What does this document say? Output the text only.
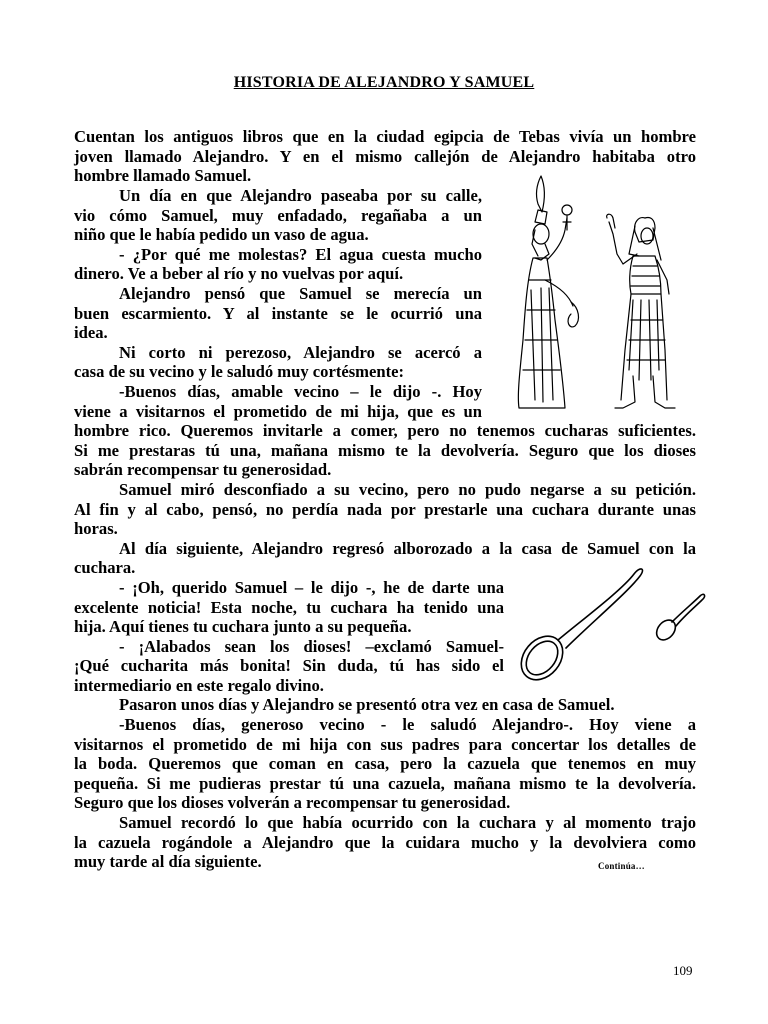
HISTORIA DE ALEJANDRO Y SAMUEL
Cuentan los antiguos libros que en la ciudad egipcia de Tebas vivía un hombre
joven llamado Alejandro. Y en el mismo callejón de Alejandro habitaba otro
hombre llamado Samuel.
Un día en que Alejandro paseaba por su calle,
vio cómo Samuel, muy enfadado, regañaba a un
niño que le había pedido un vaso de agua.
- ¿Por qué me molestas? El agua cuesta mucho
dinero. Ve a beber al río y no vuelvas por aquí.
Alejandro pensó que Samuel se merecía un
buen escarmiento. Y al instante se le ocurrió una
idea.
Ni corto ni perezoso, Alejandro se acercó a
casa de su vecino y le saludó muy cortésmente:
-Buenos días, amable vecino – le dijo -. Hoy
viene a visitarnos el prometido de mi hija, que es un
hombre rico. Queremos invitarle a comer, pero no tenemos cucharas suficientes.
Si me prestaras tú una, mañana mismo te la devolvería. Seguro que los dioses
sabrán recompensar tu generosidad.
Samuel miró desconfiado a su vecino, pero no pudo negarse a su petición.
Al fin y al cabo, pensó, no perdía nada por prestarle una cuchara durante unas
horas.
Al día siguiente, Alejandro regresó alborozado a la casa de Samuel con la
cuchara.
- ¡Oh, querido Samuel – le dijo -, he de darte una
excelente noticia! Esta noche, tu cuchara ha tenido una
hija. Aquí tienes tu cuchara junto a su pequeña.
- ¡Alabados sean los dioses! –exclamó Samuel-
¡Qué cucharita más bonita! Sin duda, tú has sido el
intermediario en este regalo divino.
Pasaron unos días y Alejandro se presentó otra vez en casa de Samuel.
-Buenos días, generoso vecino - le saludó Alejandro-. Hoy viene a
visitarnos el prometido de mi hija con sus padres para concertar los detalles de
la boda. Queremos que coman en casa, pero la cazuela que tenemos en muy
pequeña. Si me pudieras prestar tú una cazuela, mañana mismo te la devolvería.
Seguro que los dioses volverán a recompensar tu generosidad.
Samuel recordó lo que había ocurrido con la cuchara y al momento trajo
la cazuela rogándole a Alejandro que la cuidara mucho y la devolviera como
muy tarde al día siguiente.	Continúa…
109
